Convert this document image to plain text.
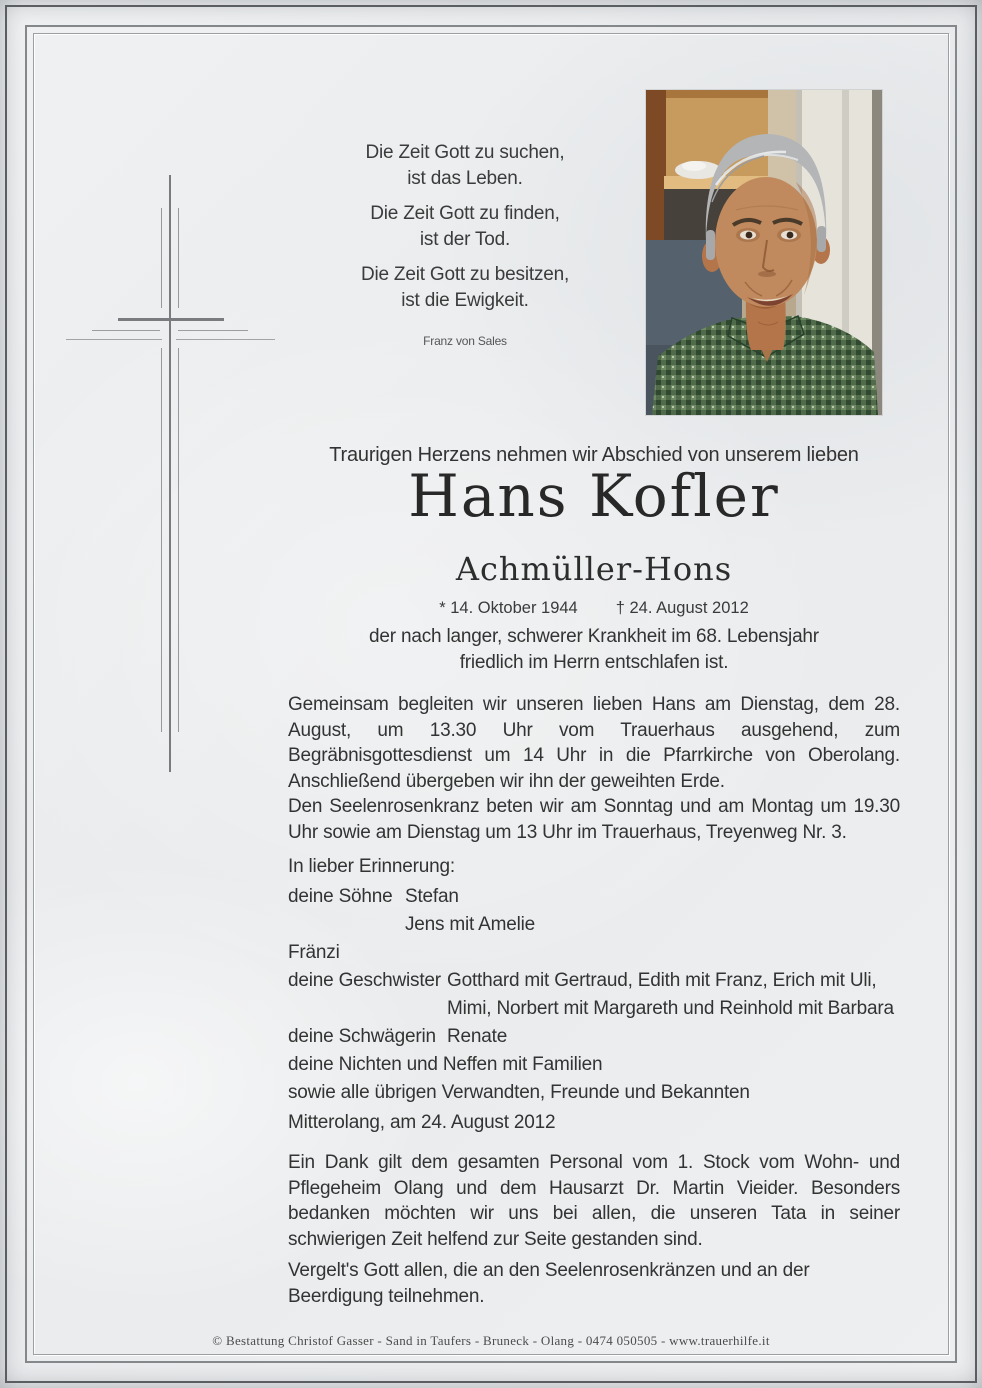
Die Zeit Gott zu suchen,
ist das Leben.

Die Zeit Gott zu finden,
ist der Tod.

Die Zeit Gott zu besitzen,
ist die Ewigkeit.

Franz von Sales
Traurigen Herzens nehmen wir Abschied von unserem lieben
Hans Kofler
Achmüller-Hons
* 14. Oktober 1944 † 24. August 2012
der nach langer, schwerer Krankheit im 68. Lebensjahr
friedlich im Herrn entschlafen ist.

Gemeinsam begleiten wir unseren lieben Hans am Dienstag, dem 28. August, um 13.30 Uhr vom Trauerhaus ausgehend, zum Begräbnisgottesdienst um 14 Uhr in die Pfarrkirche von Oberolang. Anschließend übergeben wir ihn der geweihten Erde.

Den Seelenrosenkranz beten wir am Sonntag und am Montag um 19.30 Uhr sowie am Dienstag um 13 Uhr im Trauerhaus, Treyenweg Nr. 3.

In lieber Erinnerung:
deine Söhne Stefan
Jens mit Amelie
Fränzi
deine Geschwister Gotthard mit Gertraud, Edith mit Franz, Erich mit Uli,
Mimi, Norbert mit Margareth und Reinhold mit Barbara
deine Schwägerin Renate
deine Nichten und Neffen mit Familien
sowie alle übrigen Verwandten, Freunde und Bekannten
Mitterolang, am 24. August 2012
Ein Dank gilt dem gesamten Personal vom 1. Stock vom Wohn- und Pflegeheim Olang und dem Hausarzt Dr. Martin Vieider. Besonders bedanken möchten wir uns bei allen, die unseren Tata in seiner schwierigen Zeit helfend zur Seite gestanden sind.
Vergelt's Gott allen, die an den Seelenrosenkränzen und an der Beerdigung teilnehmen.
© Bestattung Christof Gasser - Sand in Taufers - Bruneck - Olang - 0474 050505 - www.trauerhilfe.it
